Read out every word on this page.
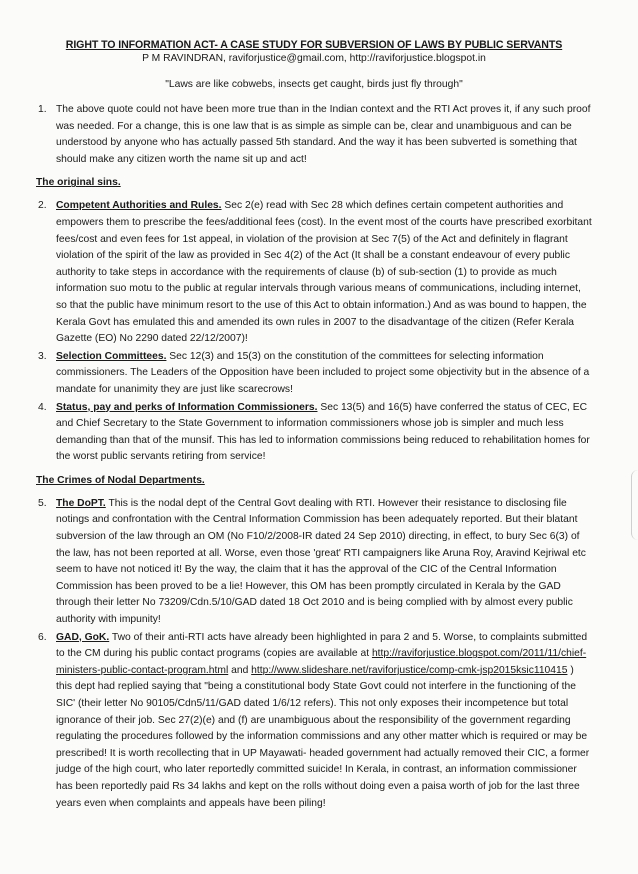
RIGHT TO INFORMATION ACT- A CASE STUDY FOR SUBVERSION OF LAWS BY PUBLIC SERVANTS

P M RAVINDRAN, raviforjustice@gmail.com, http://raviforjustice.blogspot.in

"Laws are like cobwebs, insects get caught, birds just fly through"

1. The above quote could not have been more true than in the Indian context and the RTI Act proves it, if any such proof was needed. For a change, this is one law that is as simple as simple can be, clear and unambiguous and can be understood by anyone who has actually passed 5th standard. And the way it has been subverted is something that should make any citizen worth the name sit up and act!
The original sins.
2. Competent Authorities and Rules. Sec 2(e) read with Sec 28 which defines certain competent authorities and empowers them to prescribe the fees/additional fees (cost). In the event most of the courts have prescribed exorbitant fees/cost and even fees for 1st appeal, in violation of the provision at Sec 7(5) of the Act and definitely in flagrant violation of the spirit of the law as provided in Sec 4(2) of the Act (It shall be a constant endeavour of every public authority to take steps in accordance with the requirements of clause (b) of sub-section (1) to provide as much information suo motu to the public at regular intervals through various means of communications, including internet, so that the public have minimum resort to the use of this Act to obtain information.) And as was bound to happen, the Kerala Govt has emulated this and amended its own rules in 2007 to the disadvantage of the citizen (Refer Kerala Gazette (EO) No 2290 dated 22/12/2007)!
3. Selection Committees. Sec 12(3) and 15(3) on the constitution of the committees for selecting information commissioners. The Leaders of the Opposition have been included to project some objectivity but in the absence of a mandate for unanimity they are just like scarecrows!
4. Status, pay and perks of Information Commissioners. Sec 13(5) and 16(5) have conferred the status of CEC, EC and Chief Secretary to the State Government to information commissioners whose job is simpler and much less demanding than that of the munsif. This has led to information commissions being reduced to rehabilitation homes for the worst public servants retiring from service!
The Crimes of Nodal Departments.
5. The DoPT. This is the nodal dept of the Central Govt dealing with RTI. However their resistance to disclosing file notings and confrontation with the Central Information Commission has been adequately reported. But their blatant subversion of the law through an OM (No F10/2/2008-IR dated 24 Sep 2010) directing, in effect, to bury Sec 6(3) of the law, has not been reported at all. Worse, even those 'great' RTI campaigners like Aruna Roy, Aravind Kejriwal etc seem to have not noticed it! By the way, the claim that it has the approval of the CIC of the Central Information Commission has been proved to be a lie! However, this OM has been promptly circulated in Kerala by the GAD through their letter No 73209/Cdn.5/10/GAD dated 18 Oct 2010 and is being complied with by almost every public authority with impunity!
6. GAD, GoK. Two of their anti-RTI acts have already been highlighted in para 2 and 5. Worse, to complaints submitted to the CM during his public contact programs (copies are available at http://raviforjustice.blogspot.com/2011/11/chief-ministers-public-contact-program.html and http://www.slideshare.net/raviforjustice/comp-cmk-jsp2015ksic110415 ) this dept had replied saying that "being a constitutional body State Govt could not interfere in the functioning of the SIC' (their letter No 90105/Cdn5/11/GAD dated 1/6/12 refers). This not only exposes their incompetence but total ignorance of their job. Sec 27(2)(e) and (f) are unambiguous about the responsibility of the government regarding regulating the procedures followed by the information commissions and any other matter which is required or may be prescribed! It is worth recollecting that in UP Mayawati- headed government had actually removed their CIC, a former judge of the high court, who later reportedly committed suicide! In Kerala, in contrast, an information commissioner has been reportedly paid Rs 34 lakhs and kept on the rolls without doing even a paisa worth of job for the last three years even when complaints and appeals have been piling!
